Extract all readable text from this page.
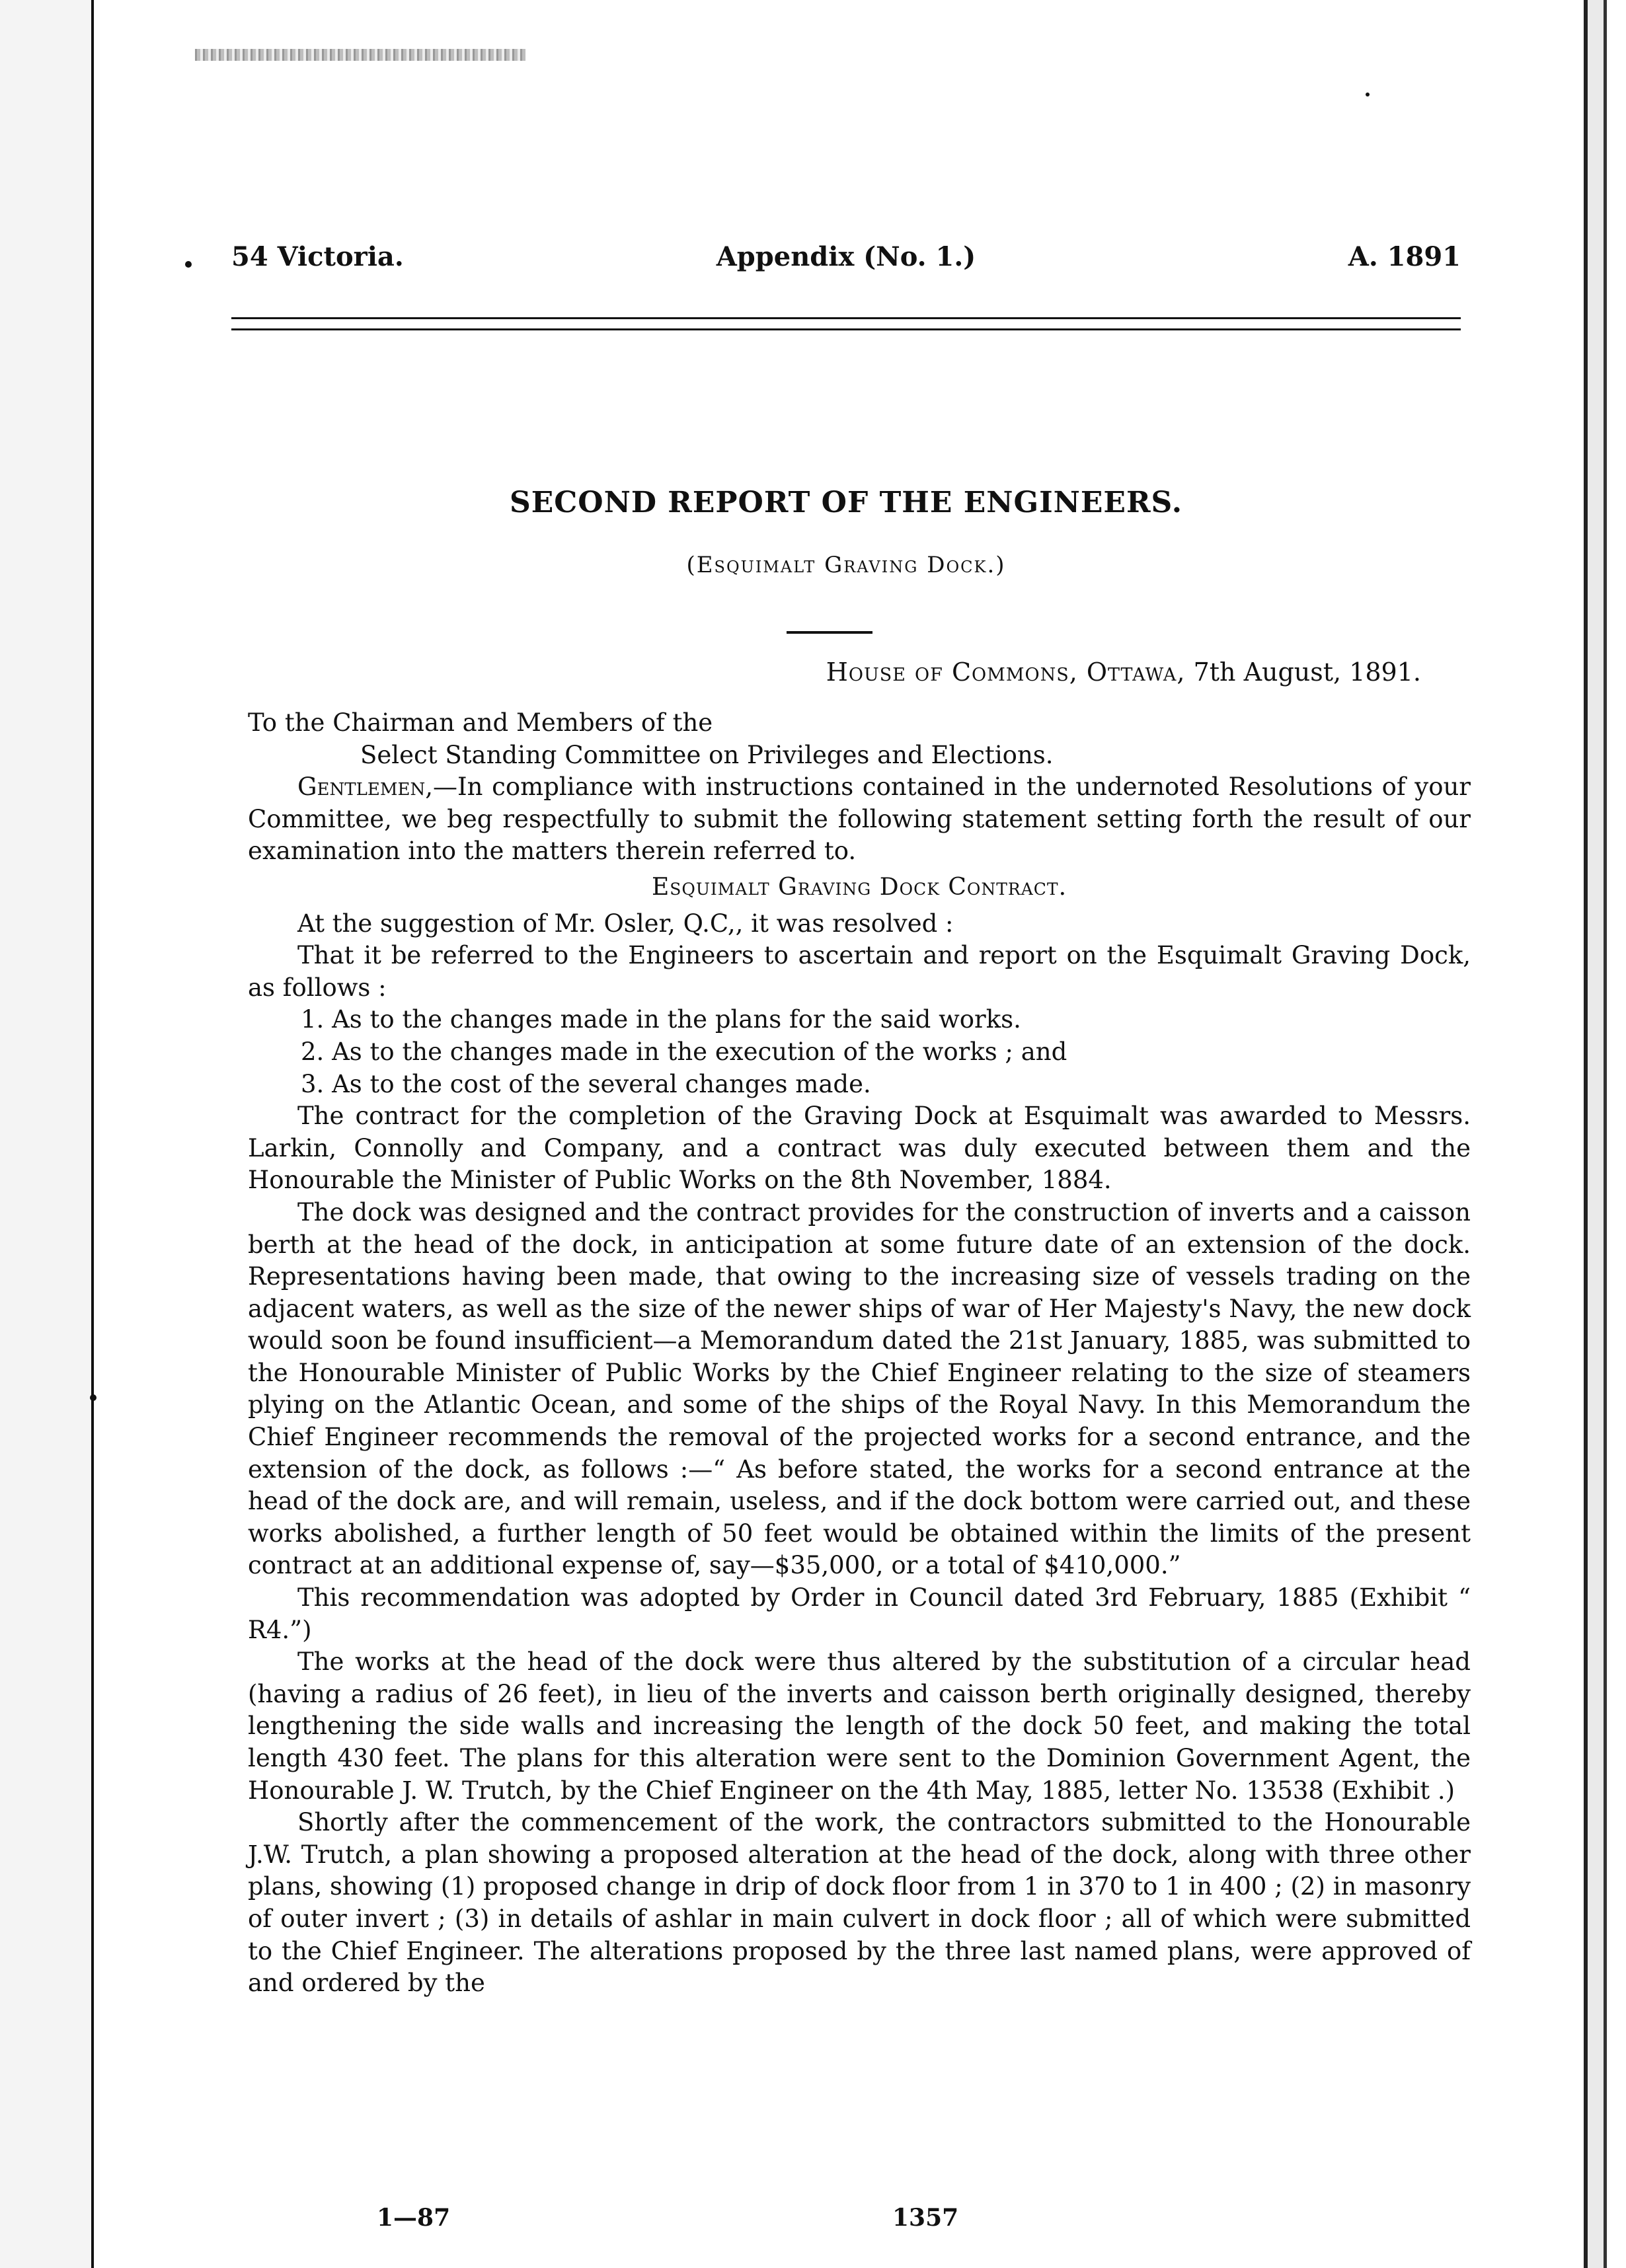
54 Victoria.	Appendix (No. 1.)	A. 1891
SECOND REPORT OF THE ENGINEERS.
(Esquimalt Graving Dock.)
House of Commons, Ottawa, 7th August, 1891.

To the Chairman and Members of the

Select Standing Committee on Privileges and Elections.

Gentlemen,—In compliance with instructions contained in the undernoted Resolutions of your Committee, we beg respectfully to submit the following statement setting forth the result of our examination into the matters therein referred to.

Esquimalt Graving Dock Contract.

At the suggestion of Mr. Osler, Q.C,, it was resolved :

That it be referred to the Engineers to ascertain and report on the Esquimalt Graving Dock, as follows :

1. As to the changes made in the plans for the said works.

2. As to the changes made in the execution of the works ; and

3. As to the cost of the several changes made.

The contract for the completion of the Graving Dock at Esquimalt was awarded to Messrs. Larkin, Connolly and Company, and a contract was duly executed between them and the Honourable the Minister of Public Works on the 8th November, 1884.

The dock was designed and the contract provides for the construction of inverts and a caisson berth at the head of the dock, in anticipation at some future date of an extension of the dock. Representations having been made, that owing to the increasing size of vessels trading on the adjacent waters, as well as the size of the newer ships of war of Her Majesty's Navy, the new dock would soon be found insufficient—a Memorandum dated the 21st January, 1885, was submitted to the Honourable Minister of Public Works by the Chief Engineer relating to the size of steamers plying on the Atlantic Ocean, and some of the ships of the Royal Navy. In this Memorandum the Chief Engineer recommends the removal of the projected works for a second entrance, and the extension of the dock, as follows :—“ As before stated, the works for a second entrance at the head of the dock are, and will remain, useless, and if the dock bottom were carried out, and these works abolished, a further length of 50 feet would be obtained within the limits of the present contract at an additional expense of, say—$35,000, or a total of $410,000.”

This recommendation was adopted by Order in Council dated 3rd February, 1885 (Exhibit “ R4.”)

The works at the head of the dock were thus altered by the substitution of a circular head (having a radius of 26 feet), in lieu of the inverts and caisson berth originally designed, thereby lengthening the side walls and increasing the length of the dock 50 feet, and making the total length 430 feet. The plans for this alteration were sent to the Dominion Government Agent, the Honourable J. W. Trutch, by the Chief Engineer on the 4th May, 1885, letter No. 13538 (Exhibit .)

Shortly after the commencement of the work, the contractors submitted to the Honourable J.W. Trutch, a plan showing a proposed alteration at the head of the dock, along with three other plans, showing (1) proposed change in drip of dock floor from 1 in 370 to 1 in 400 ; (2) in masonry of outer invert ; (3) in details of ashlar in main culvert in dock floor ; all of which were submitted to the Chief Engineer. The alterations proposed by the three last named plans, were approved of and ordered by the

1—87	1357
